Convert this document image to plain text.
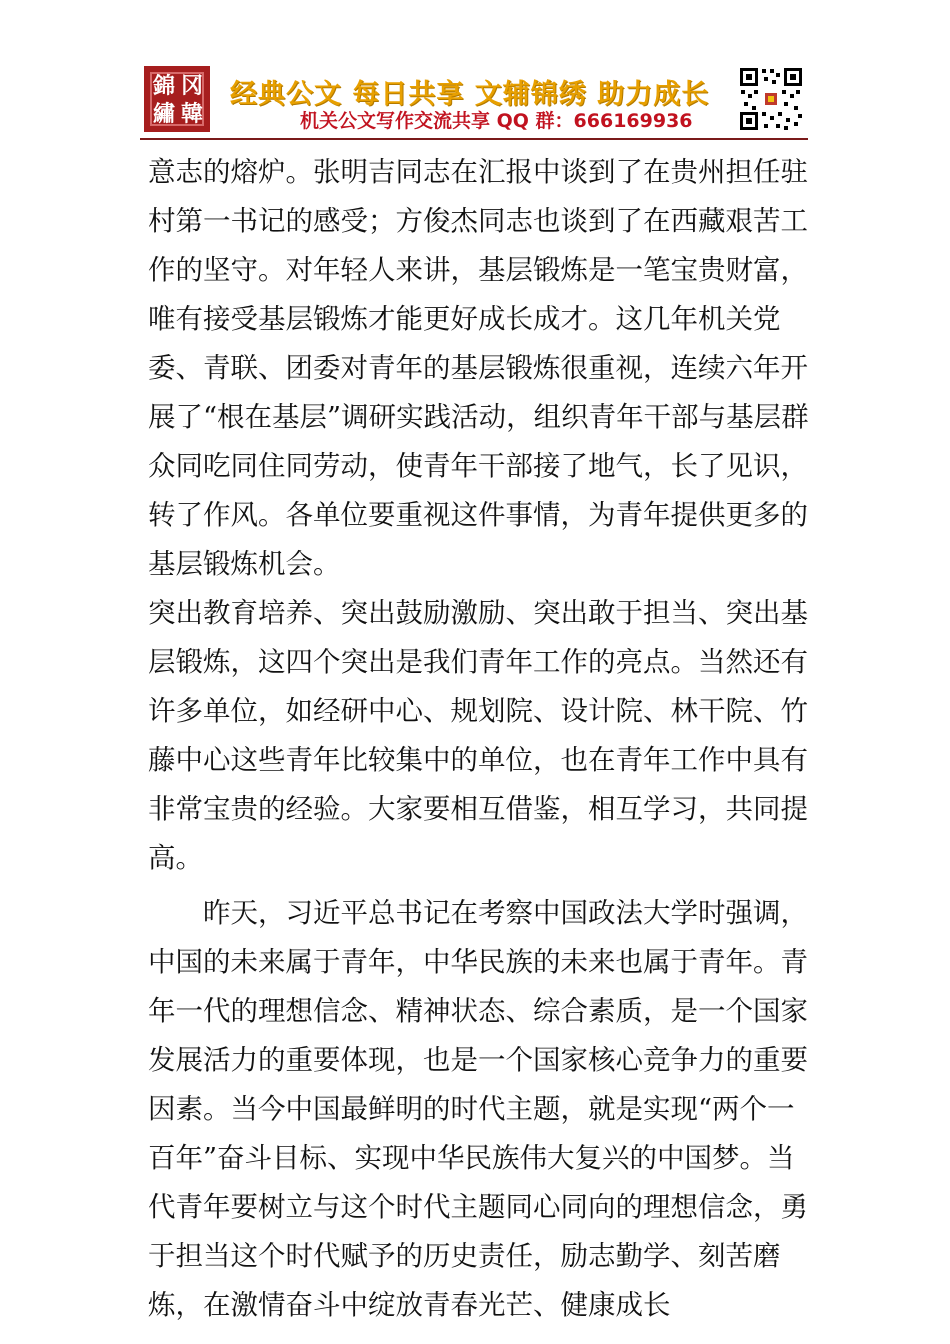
錦 冈
繡 韓

经典公文 每日共享 文辅锦绣 助力成长

机关公文写作交流共享 QQ 群：666169936

意志的熔炉。张明吉同志在汇报中谈到了在贵州担任驻村第一书记的感受；方俊杰同志也谈到了在西藏艰苦工作的坚守。对年轻人来讲，基层锻炼是一笔宝贵财富，唯有接受基层锻炼才能更好成长成才。这几年机关党委、青联、团委对青年的基层锻炼很重视，连续六年开展了“根在基层”调研实践活动，组织青年干部与基层群众同吃同住同劳动，使青年干部接了地气，长了见识，转了作风。各单位要重视这件事情，为青年提供更多的基层锻炼机会。

突出教育培养、突出鼓励激励、突出敢于担当、突出基层锻炼，这四个突出是我们青年工作的亮点。当然还有许多单位，如经研中心、规划院、设计院、林干院、竹藤中心这些青年比较集中的单位，也在青年工作中具有非常宝贵的经验。大家要相互借鉴，相互学习，共同提高。

昨天，习近平总书记在考察中国政法大学时强调，中国的未来属于青年，中华民族的未来也属于青年。青年一代的理想信念、精神状态、综合素质，是一个国家发展活力的重要体现，也是一个国家核心竞争力的重要因素。当今中国最鲜明的时代主题，就是实现“两个一百年”奋斗目标、实现中华民族伟大复兴的中国梦。当代青年要树立与这个时代主题同心同向的理想信念，勇于担当这个时代赋予的历史责任，励志勤学、刻苦磨炼，在激情奋斗中绽放青春光芒、健康成长
